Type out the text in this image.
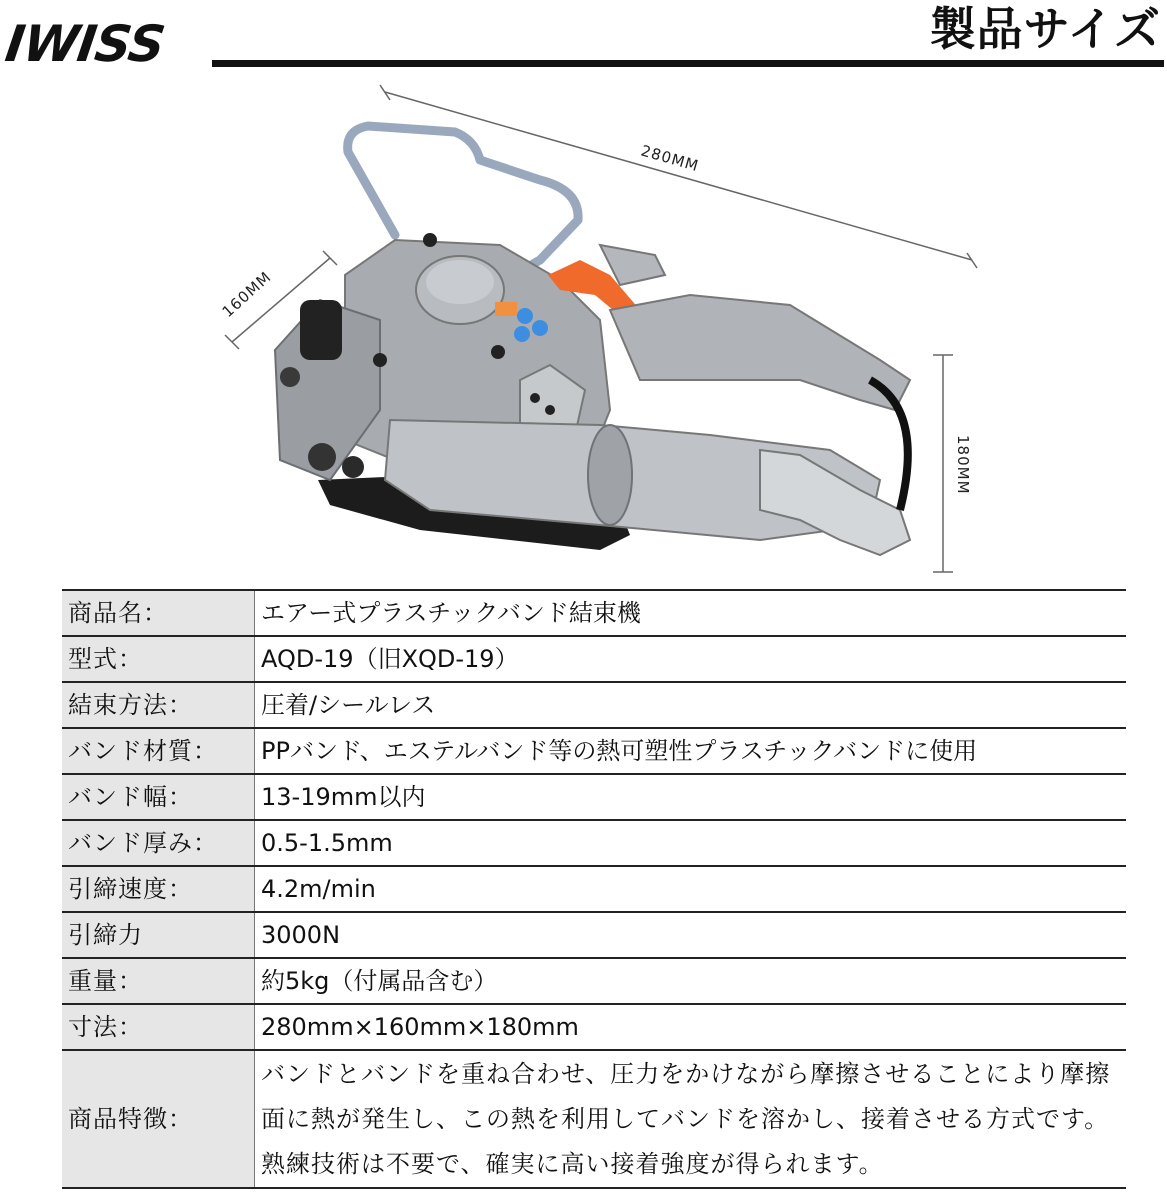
IWISS	製品サイズ
280MM
160MM
180MM
商品名：	エアー式プラスチックバンド結束機
型式：	AQD-19（旧XQD-19）
結束方法：	圧着/シールレス
バンド材質：	PPバンド、エステルバンド等の熱可塑性プラスチックバンドに使用
バンド幅：	13-19mm以内
バンド厚み：	0.5-1.5mm
引締速度：	4.2m/min
引締力	3000N
重量：	約5kg（付属品含む）
寸法：	280mm×160mm×180mm
商品特徴：	バンドとバンドを重ね合わせ、圧力をかけながら摩擦させることにより摩擦面に熱が発生し、この熱を利用してバンドを溶かし、接着させる方式です。熟練技術は不要で、確実に高い接着強度が得られます。
